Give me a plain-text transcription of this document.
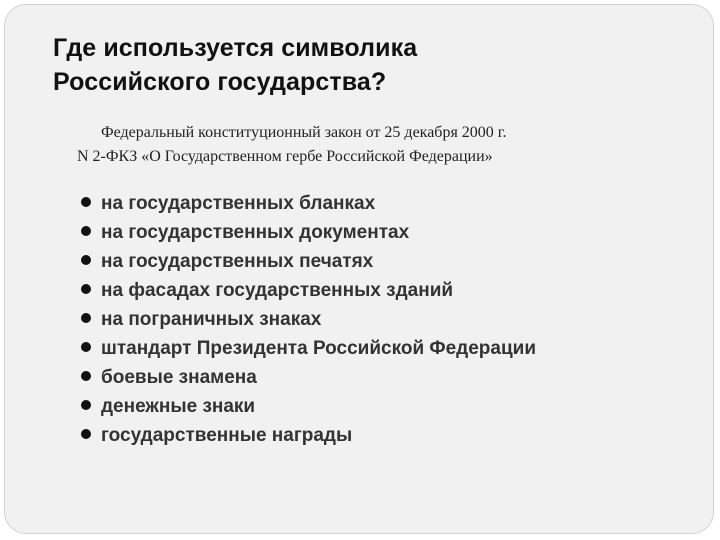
Где используется символика
Российского государства?
Федеральный конституционный закон от 25 декабря 2000 г.
N 2-ФКЗ «О Государственном гербе Российской Федерации»
на государственных бланках
на государственных документах
на государственных печатях
на фасадах государственных зданий
на пограничных знаках
штандарт Президента Российской Федерации
боевые знамена
денежные знаки
государственные награды
